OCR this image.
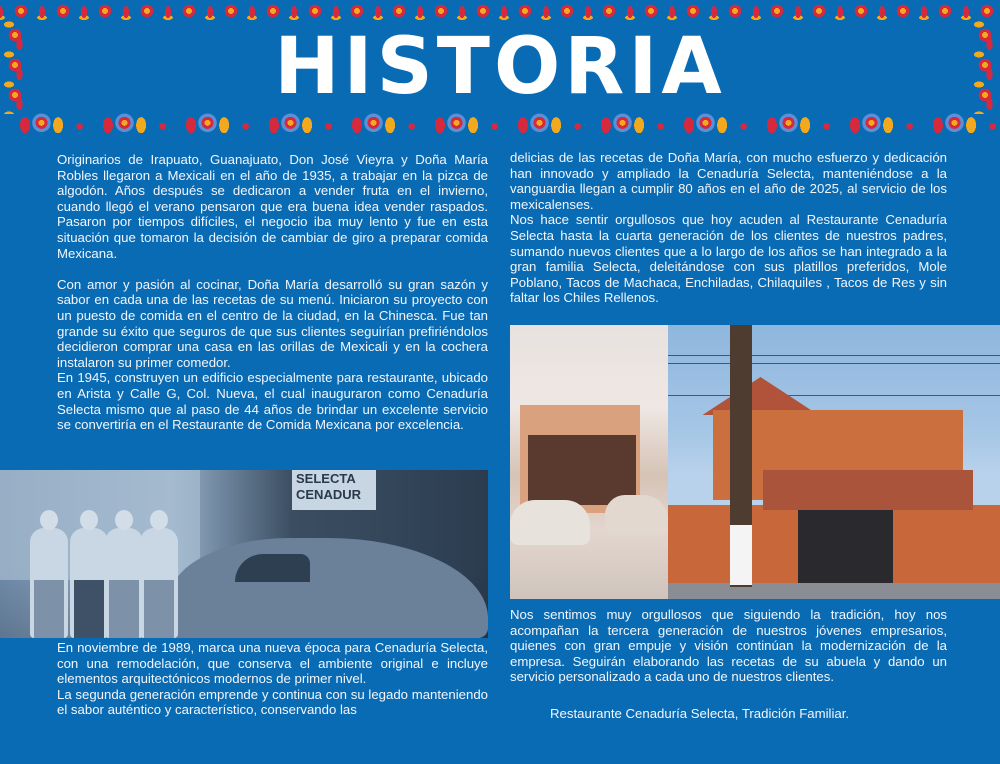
HISTORIA

Originarios de Irapuato, Guanajuato, Don José Vieyra y Doña María Robles llegaron a Mexicali en el año de 1935, a trabajar en la pizca de algodón. Años después se dedicaron a vender fruta en el invierno, cuando llegó el verano pensaron que era buena idea vender raspados. Pasaron por tiempos difíciles, el negocio iba muy lento y fue en esta situación que tomaron la decisión de cambiar de giro a preparar comida Mexicana.

Con amor y pasión al cocinar, Doña María desarrolló su gran sazón y sabor en cada una de las recetas de su menú. Iniciaron su proyecto con un puesto de comida en el centro de la ciudad, en la Chinesca. Fue tan grande su éxito que seguros de que sus clientes seguirían prefiriéndolos decidieron comprar una casa en las orillas de Mexicali y en la cochera instalaron su primer comedor.

En 1945, construyen un edificio especialmente para restaurante, ubicado en Arista y Calle G, Col. Nueva, el cual inauguraron como Cenaduría Selecta mismo que al paso de 44 años de brindar un excelente servicio se convertiría en el Restaurante de Comida Mexicana por excelencia.

SELECTA
CENADUR

En noviembre de 1989, marca una nueva época para Cenaduría Selecta, con una remodelación, que conserva el ambiente original e incluye elementos arquitectónicos modernos de primer nivel.

La segunda generación emprende y continua con su legado manteniendo el sabor auténtico y característico, conservando las

delicias de las recetas de Doña María, con mucho esfuerzo y dedicación han innovado y ampliado la Cenaduría Selecta, manteniéndose a la vanguardia llegan a cumplir 80 años en el año de 2025, al servicio de los mexicalenses.

Nos hace sentir orgullosos que hoy acuden al Restaurante Cenaduría Selecta hasta la cuarta generación de los clientes de nuestros padres, sumando nuevos clientes que a lo largo de los años se han integrado a la gran familia Selecta, deleitándose con sus platillos preferidos, Mole Poblano, Tacos de Machaca, Enchiladas, Chilaquiles , Tacos de Res y sin faltar los Chiles Rellenos.

Nos sentimos muy orgullosos que siguiendo la tradición, hoy nos acompañan la tercera generación de nuestros jóvenes empresarios, quienes con gran empuje y visión continúan la modernización de la empresa. Seguirán elaborando las recetas de su abuela y dando un servicio personalizado a cada uno de nuestros clientes.

Restaurante Cenaduría Selecta, Tradición Familiar.
